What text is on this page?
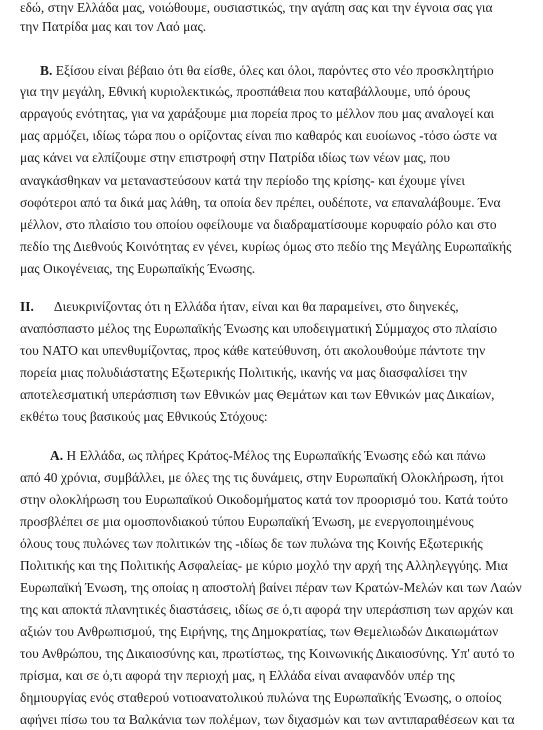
εδώ, στην Ελλάδα μας, νοιώθουμε, ουσιαστικώς, την αγάπη σας και την έγνοια σας για
την Πατρίδα μας και τον Λαό μας.
Β. Εξίσου είναι βέβαιο ότι θα είσθε, όλες και όλοι, παρόντες στο νέο προσκλητήριο
για την μεγάλη, Εθνική κυριολεκτικώς, προσπάθεια που καταβάλλουμε, υπό όρους
αρραγούς ενότητας, για να χαράξουμε μια πορεία προς το μέλλον που μας αναλογεί και
μας αρμόζει, ιδίως τώρα που ο ορίζοντας είναι πιο καθαρός και ευοίωνος -τόσο ώστε να
μας κάνει να ελπίζουμε στην επιστροφή στην Πατρίδα ιδίως των νέων μας, που
αναγκάσθηκαν να μεταναστεύσουν κατά την περίοδο της κρίσης- και έχουμε γίνει
σοφότεροι από τα δικά μας λάθη, τα οποία δεν πρέπει, ουδέποτε, να επαναλάβουμε. Ένα
μέλλον, στο πλαίσιο του οποίου οφείλουμε να διαδραματίσουμε κορυφαίο ρόλο και στο
πεδίο της Διεθνούς Κοινότητας εν γένει, κυρίως όμως στο πεδίο της Μεγάλης Ευρωπαϊκής
μας Οικογένειας, της Ευρωπαϊκής Ένωσης.
ΙΙ. Διευκρινίζοντας ότι η Ελλάδα ήταν, είναι και θα παραμείνει, στο διηνεκές,
αναπόσπαστο μέλος της Ευρωπαϊκής Ένωσης και υποδειγματική Σύμμαχος στο πλαίσιο
του ΝΑΤΟ και υπενθυμίζοντας, προς κάθε κατεύθυνση, ότι ακολουθούμε πάντοτε την
πορεία μιας πολυδιάστατης Εξωτερικής Πολιτικής, ικανής να μας διασφαλίσει την
αποτελεσματική υπεράσπιση των Εθνικών μας Θεμάτων και των Εθνικών μας Δικαίων,
εκθέτω τους βασικούς μας Εθνικούς Στόχους:
Α. Η Ελλάδα, ως πλήρες Κράτος-Μέλος της Ευρωπαϊκής Ένωσης εδώ και πάνω
από 40 χρόνια, συμβάλλει, με όλες της τις δυνάμεις, στην Ευρωπαϊκή Ολοκλήρωση, ήτοι
στην ολοκλήρωση του Ευρωπαϊκού Οικοδομήματος κατά τον προορισμό του. Κατά τούτο
προσβλέπει σε μια ομοσπονδιακού τύπου Ευρωπαϊκή Ένωση, με ενεργοποιημένους
όλους τους πυλώνες των πολιτικών της -ιδίως δε των πυλώνα της Κοινής Εξωτερικής
Πολιτικής και της Πολιτικής Ασφαλείας- με κύριο μοχλό την αρχή της Αλληλεγγύης. Μια
Ευρωπαϊκή Ένωση, της οποίας η αποστολή βαίνει πέραν των Κρατών-Μελών και των Λαών
της και αποκτά πλανητικές διαστάσεις, ιδίως σε ό,τι αφορά την υπεράσπιση των αρχών και
αξιών του Ανθρωπισμού, της Ειρήνης, της Δημοκρατίας, των Θεμελιωδών Δικαιωμάτων
του Ανθρώπου, της Δικαιοσύνης και, πρωτίστως, της Κοινωνικής Δικαιοσύνης. Υπ' αυτό το
πρίσμα, και σε ό,τι αφορά την περιοχή μας, η Ελλάδα είναι αναφανδόν υπέρ της
δημιουργίας ενός σταθερού νοτιοανατολικού πυλώνα της Ευρωπαϊκής Ένωσης, ο οποίος
αφήνει πίσω του τα Βαλκάνια των πολέμων, των διχασμών και των αντιπαραθέσεων και τα
